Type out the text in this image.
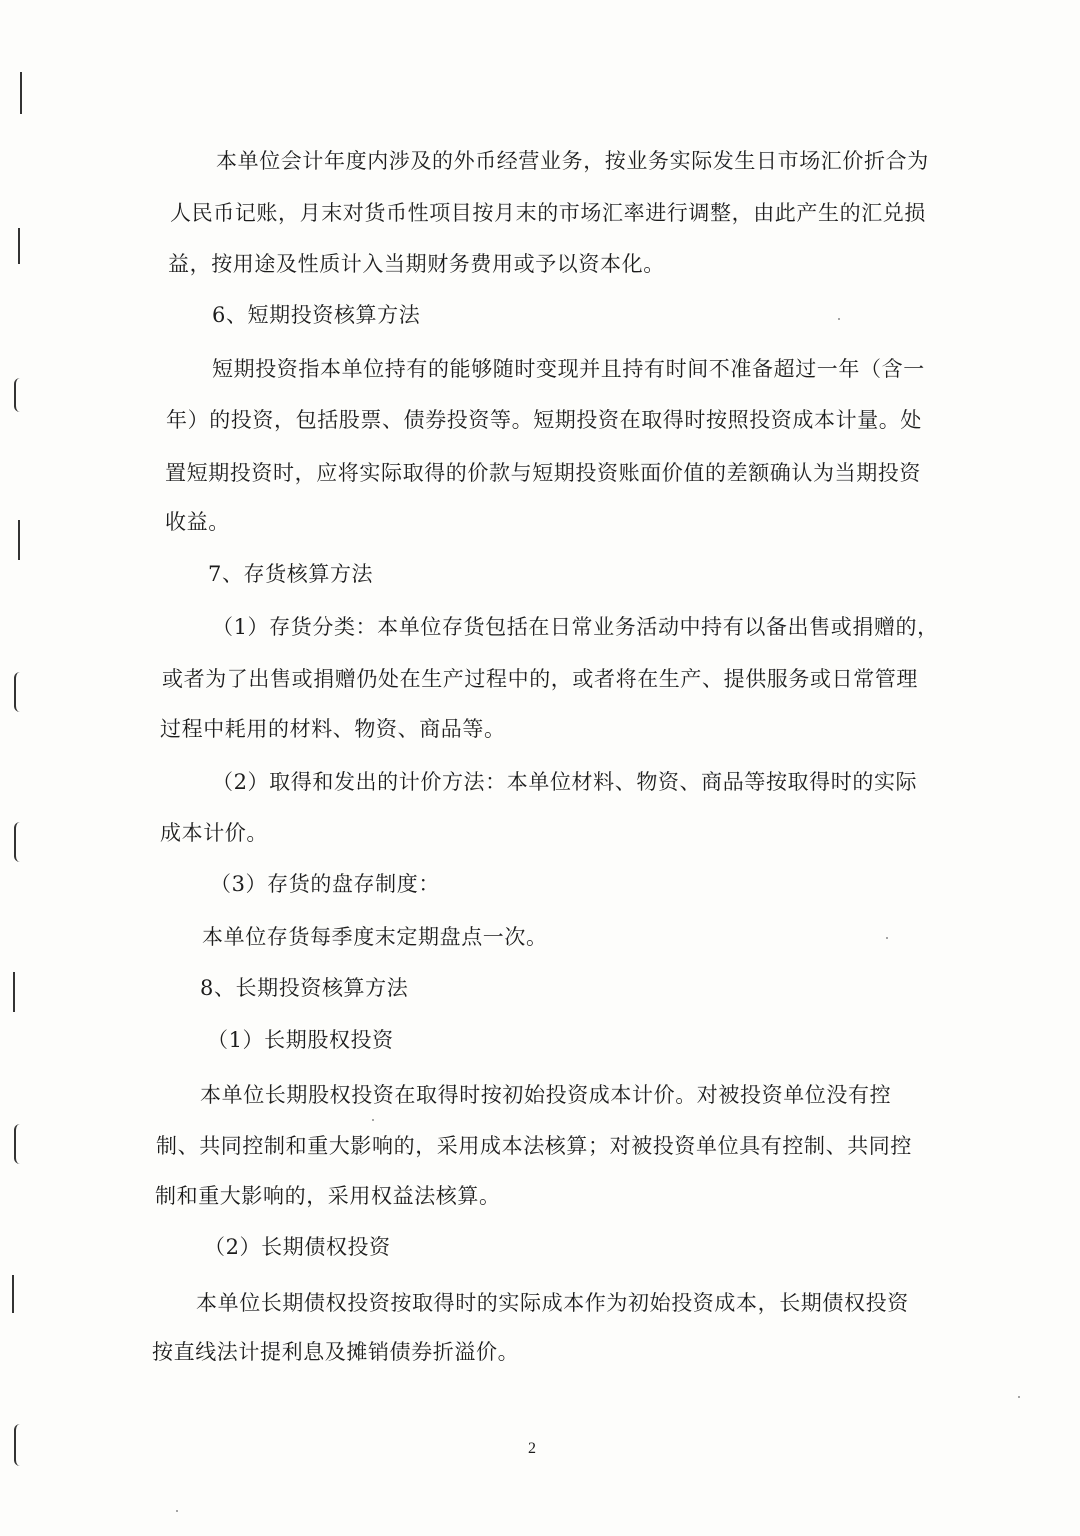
本单位会计年度内涉及的外币经营业务，按业务实际发生日市场汇价折合为
人民币记账，月末对货币性项目按月末的市场汇率进行调整，由此产生的汇兑损
益，按用途及性质计入当期财务费用或予以资本化。
6、短期投资核算方法
短期投资指本单位持有的能够随时变现并且持有时间不准备超过一年（含一
年）的投资，包括股票、债券投资等。短期投资在取得时按照投资成本计量。处
置短期投资时，应将实际取得的价款与短期投资账面价值的差额确认为当期投资
收益。
7、存货核算方法
（1）存货分类：本单位存货包括在日常业务活动中持有以备出售或捐赠的，
或者为了出售或捐赠仍处在生产过程中的，或者将在生产、提供服务或日常管理
过程中耗用的材料、物资、商品等。
（2）取得和发出的计价方法：本单位材料、物资、商品等按取得时的实际
成本计价。
（3）存货的盘存制度：
本单位存货每季度末定期盘点一次。
8、长期投资核算方法
（1）长期股权投资
本单位长期股权投资在取得时按初始投资成本计价。对被投资单位没有控
制、共同控制和重大影响的，采用成本法核算；对被投资单位具有控制、共同控
制和重大影响的，采用权益法核算。
（2）长期债权投资
本单位长期债权投资按取得时的实际成本作为初始投资成本，长期债权投资
按直线法计提利息及摊销债券折溢价。
2
